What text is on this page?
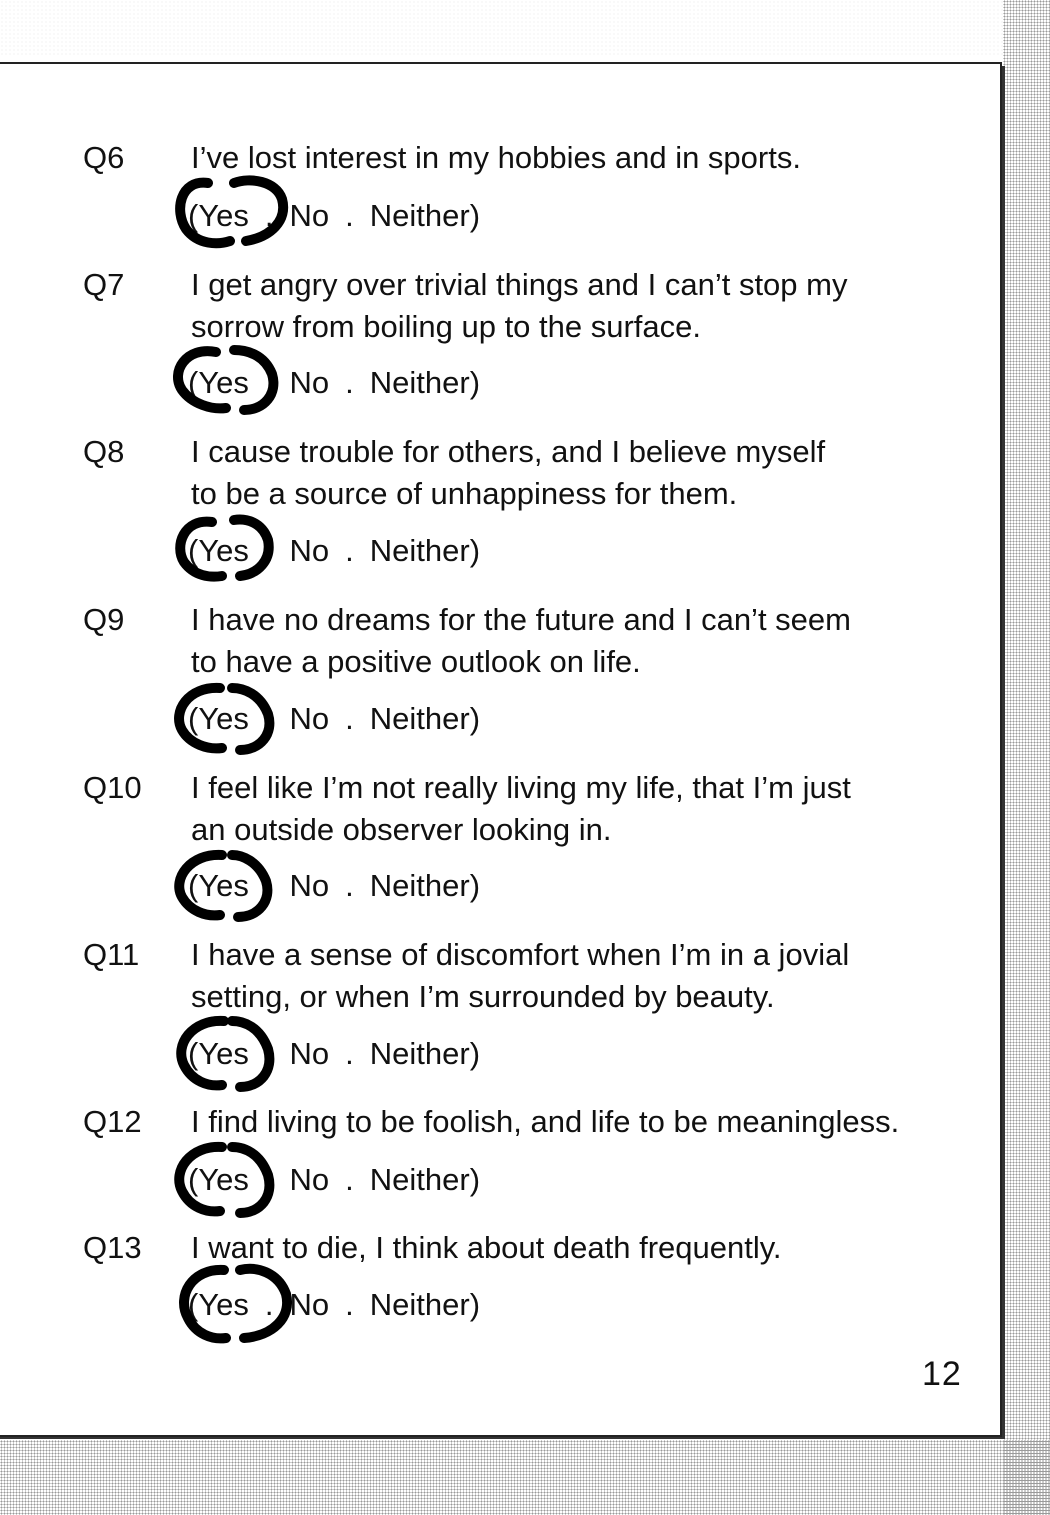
Q6 I’ve lost interest in my hobbies and in sports.
(Yes . No . Neither)
Q7 I get angry over trivial things and I can’t stop my
sorrow from boiling up to the surface.
(Yes . No . Neither)
Q8 I cause trouble for others, and I believe myself
to be a source of unhappiness for them.
(Yes . No . Neither)
Q9 I have no dreams for the future and I can’t seem
to have a positive outlook on life.
(Yes . No . Neither)
Q10 I feel like I’m not really living my life, that I’m just
an outside observer looking in.
(Yes . No . Neither)
Q11 I have a sense of discomfort when I’m in a jovial
setting, or when I’m surrounded by beauty.
(Yes . No . Neither)
Q12 I find living to be foolish, and life to be meaningless.
(Yes . No . Neither)
Q13 I want to die, I think about death frequently.
(Yes . No . Neither)
12
